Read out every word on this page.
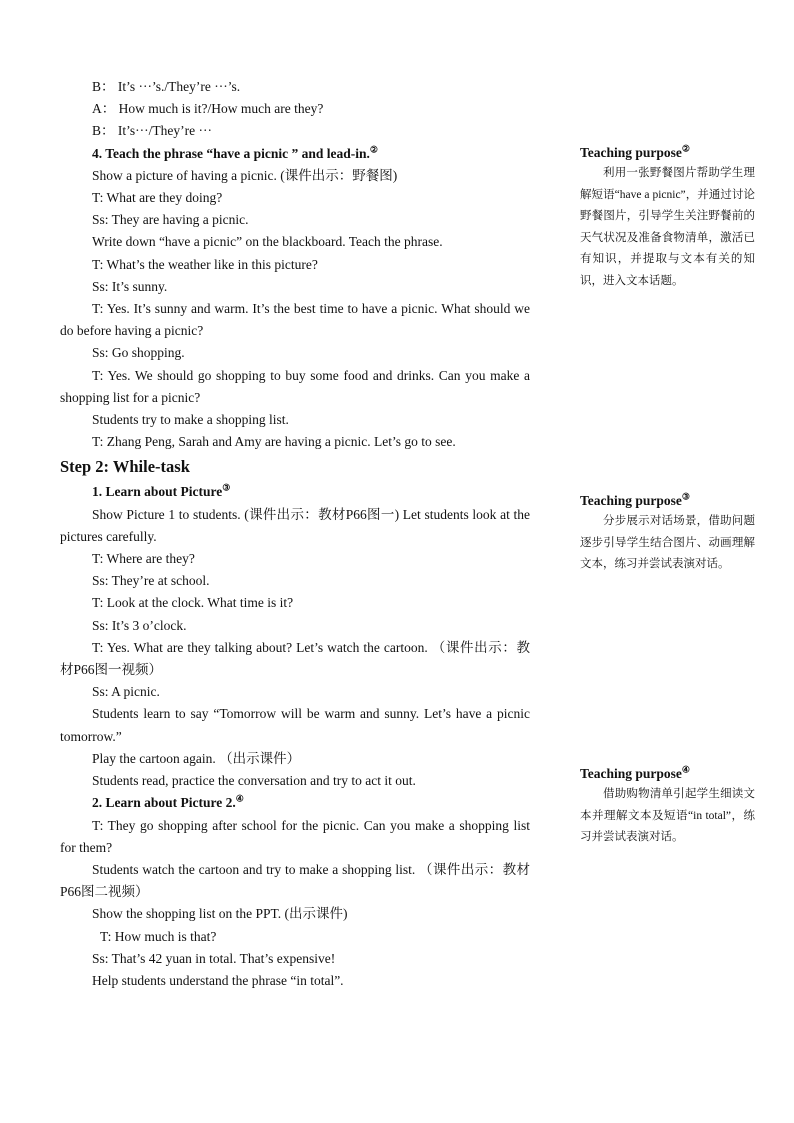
B： It’s ···’s./They’re ···’s.
A： How much is it?/How much are they?
B： It’s···/They’re ···
4. Teach the phrase “have a picnic ” and lead-in.②
Show a picture of having a picnic. (课件出示：野餐图)
T: What are they doing?
Ss: They are having a picnic.
Write down “have a picnic” on the blackboard. Teach the phrase.
T: What’s the weather like in this picture?
Ss: It’s sunny.
T: Yes. It’s sunny and warm. It’s the best time to have a picnic. What should we do before having a picnic?
Ss: Go shopping.
T: Yes. We should go shopping to buy some food and drinks. Can you make a shopping list for a picnic?
Students try to make a shopping list.
T: Zhang Peng, Sarah and Amy are having a picnic. Let’s go to see.
Step 2: While-task
1. Learn about Picture③
Show Picture 1 to students. (课件出示：教材P66图一) Let students look at the pictures carefully.
T: Where are they?
Ss: They’re at school.
T: Look at the clock. What time is it?
Ss: It’s 3 o’clock.
T: Yes. What are they talking about? Let’s watch the cartoon. （课件出示：教材P66图一视频）
Ss: A picnic.
Students learn to say “Tomorrow will be warm and sunny. Let’s have a picnic tomorrow.”
Play the cartoon again. （出示课件）
Students read, practice the conversation and try to act it out.
2. Learn about Picture 2.④
T: They go shopping after school for the picnic. Can you make a shopping list for them?
Students watch the cartoon and try to make a shopping list. （课件出示：教材P66图二视频）
Show the shopping list on the PPT. (出示课件)
T: How much is that?
Ss: That’s 42 yuan in total. That’s expensive!
Help students understand the phrase “in total”.
Teaching purpose②
利用一张野餐图片帮助学生理解短语“have a picnic”，并通过讨论野餐图片，引导学生关注野餐前的天气状况及准备食物清单，激活已有知识，并提取与文本有关的知识，进入文本话题。
Teaching purpose③
分步展示对话场景，借助问题逐步引导学生结合图片、动画理解文本，练习并尝试表演对话。
Teaching purpose④
借助购物清单引起学生细读文本并理解文本及短语“in total”，练习并尝试表演对话。
